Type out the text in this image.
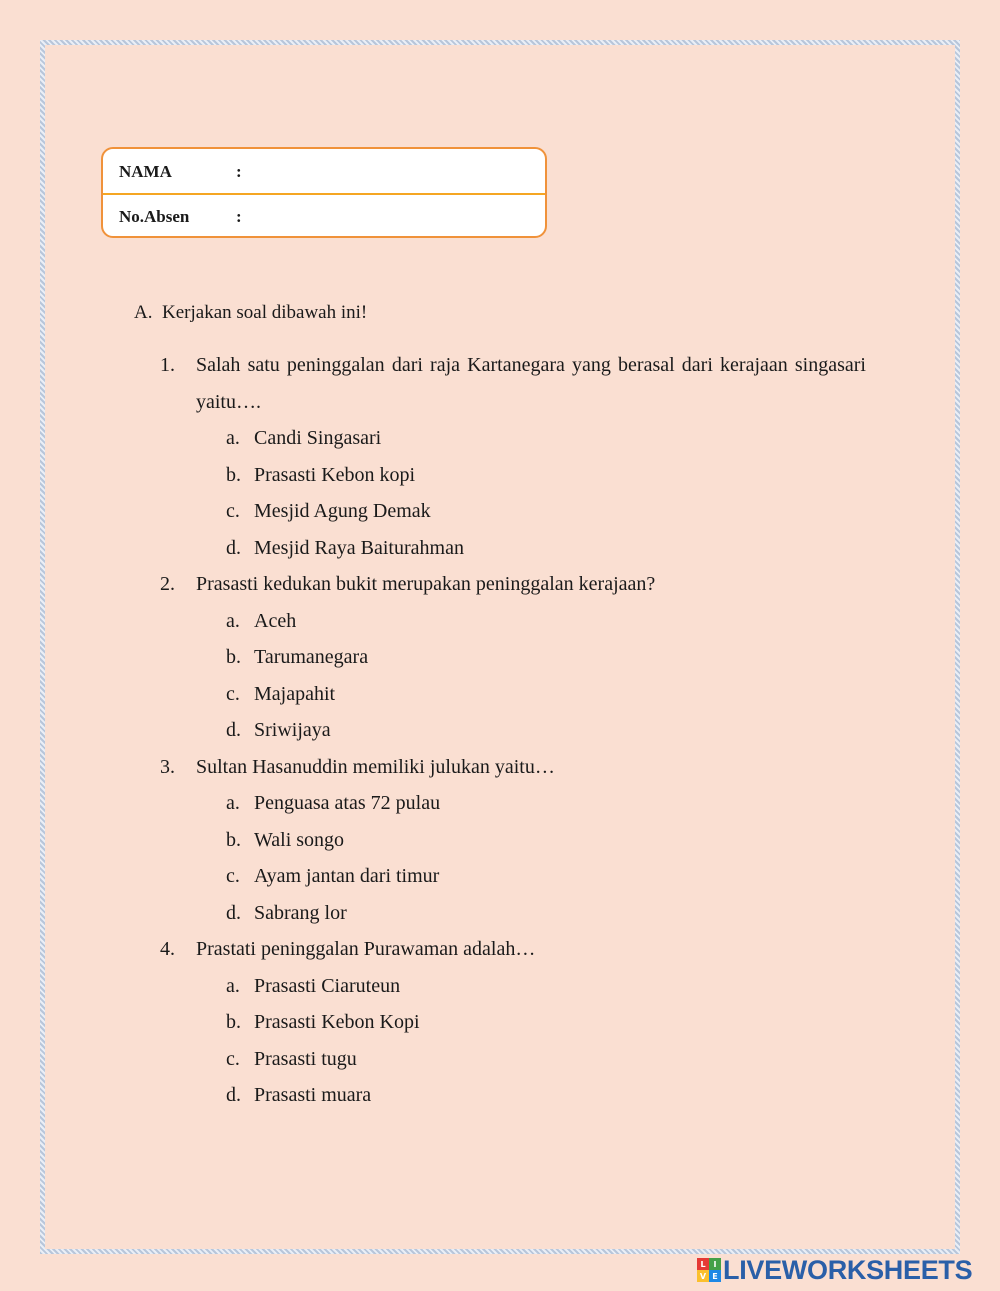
NAMA	:
No.Absen	:
A. Kerjakan soal dibawah ini!
1. Salah satu peninggalan dari raja Kartanegara yang berasal dari kerajaan singasari yaitu….
a. Candi Singasari
b. Prasasti Kebon kopi
c. Mesjid Agung Demak
d. Mesjid Raya Baiturahman
2. Prasasti kedukan bukit merupakan peninggalan kerajaan?
a. Aceh
b. Tarumanegara
c. Majapahit
d. Sriwijaya
3. Sultan Hasanuddin memiliki julukan yaitu…
a. Penguasa atas 72 pulau
b. Wali songo
c. Ayam jantan dari timur
d. Sabrang lor
4. Prastati peninggalan Purawaman adalah…
a. Prasasti Ciaruteun
b. Prasasti Kebon Kopi
c. Prasasti tugu
d. Prasasti muara
L I
V E LIVEWORKSHEETS
